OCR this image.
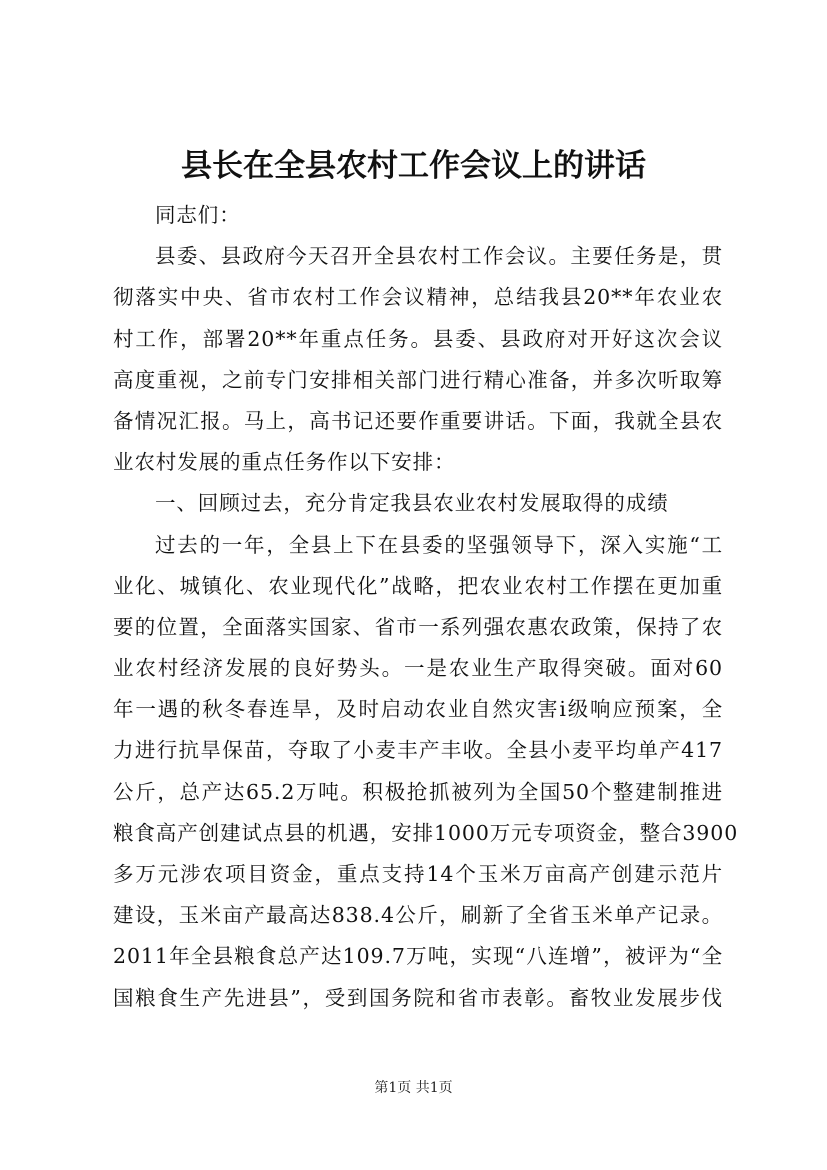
县长在全县农村工作会议上的讲话
同志们：
县委、县政府今天召开全县农村工作会议。主要任务是，贯
彻落实中央、省市农村工作会议精神，总结我县20**年农业农
村工作，部署20**年重点任务。县委、县政府对开好这次会议
高度重视，之前专门安排相关部门进行精心准备，并多次听取筹
备情况汇报。马上，高书记还要作重要讲话。下面，我就全县农
业农村发展的重点任务作以下安排：
一、回顾过去，充分肯定我县农业农村发展取得的成绩
过去的一年，全县上下在县委的坚强领导下，深入实施“工
业化、城镇化、农业现代化”战略，把农业农村工作摆在更加重
要的位置，全面落实国家、省市一系列强农惠农政策，保持了农
业农村经济发展的良好势头。一是农业生产取得突破。面对60
年一遇的秋冬春连旱，及时启动农业自然灾害ⅰ级响应预案，全
力进行抗旱保苗，夺取了小麦丰产丰收。全县小麦平均单产417
公斤，总产达65.2万吨。积极抢抓被列为全国50个整建制推进
粮食高产创建试点县的机遇，安排1000万元专项资金，整合3900
多万元涉农项目资金，重点支持14个玉米万亩高产创建示范片
建设，玉米亩产最高达838.4公斤，刷新了全省玉米单产记录。
2011年全县粮食总产达109.7万吨，实现“八连增”，被评为“全
国粮食生产先进县”，受到国务院和省市表彰。畜牧业发展步伐
第1页 共1页
